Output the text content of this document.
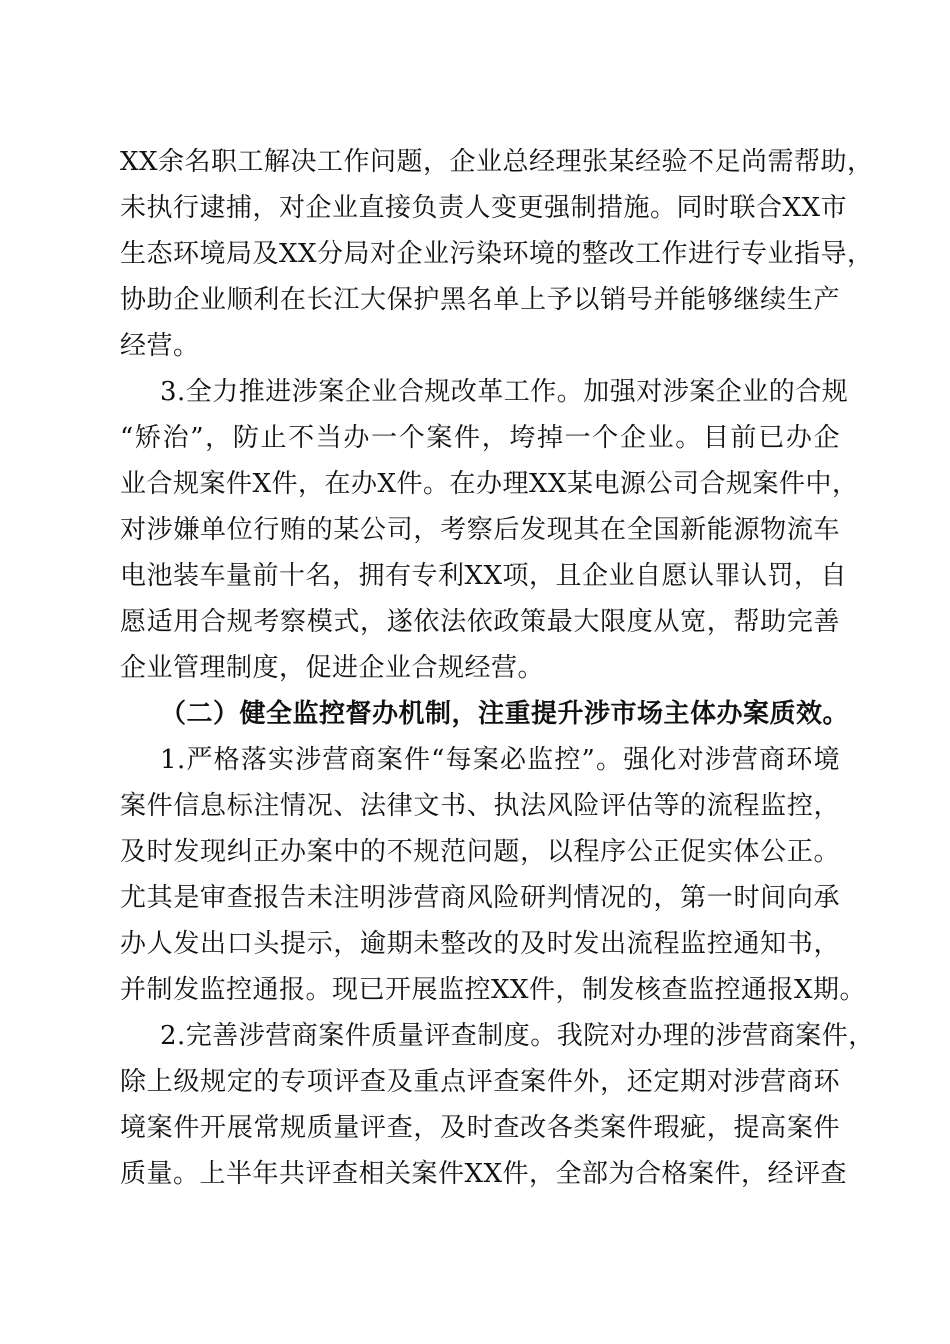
XX余名职工解决工作问题，企业总经理张某经验不足尚需帮助，
未执行逮捕，对企业直接负责人变更强制措施。同时联合XX市
生态环境局及XX分局对企业污染环境的整改工作进行专业指导，
协助企业顺利在长江大保护黑名单上予以销号并能够继续生产
经营。
3.全力推进涉案企业合规改革工作。加强对涉案企业的合规
“矫治”，防止不当办一个案件，垮掉一个企业。目前已办企
业合规案件X件，在办X件。在办理XX某电源公司合规案件中，
对涉嫌单位行贿的某公司，考察后发现其在全国新能源物流车
电池装车量前十名，拥有专利XX项，且企业自愿认罪认罚，自
愿适用合规考察模式，遂依法依政策最大限度从宽，帮助完善
企业管理制度，促进企业合规经营。
（二）健全监控督办机制，注重提升涉市场主体办案质效。
1.严格落实涉营商案件“每案必监控”。强化对涉营商环境
案件信息标注情况、法律文书、执法风险评估等的流程监控，
及时发现纠正办案中的不规范问题，以程序公正促实体公正。
尤其是审查报告未注明涉营商风险研判情况的，第一时间向承
办人发出口头提示，逾期未整改的及时发出流程监控通知书，
并制发监控通报。现已开展监控XX件，制发核查监控通报X期。
2.完善涉营商案件质量评查制度。我院对办理的涉营商案件，
除上级规定的专项评查及重点评查案件外，还定期对涉营商环
境案件开展常规质量评查，及时查改各类案件瑕疵，提高案件
质量。上半年共评查相关案件XX件，全部为合格案件，经评查
